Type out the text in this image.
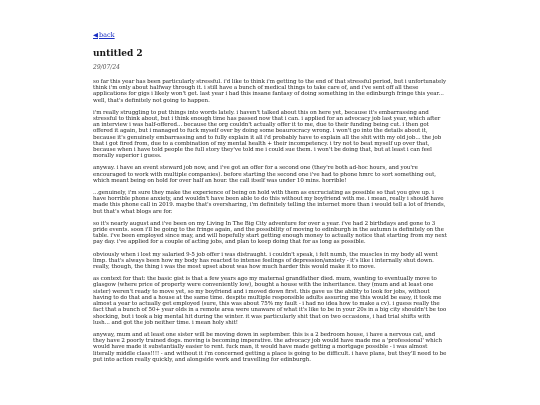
◀back
untitled 2
29/07/24

so far this year has been particularly stressful. i'd like to think i'm getting to the end of that stressful period, but i unfortunately think i'm only about halfway through it. i still have a bunch of medical things to take care of, and i've sent off all these applications for gigs i likely won't get. last year i had this insane fantasy of doing something in the edinburgh fringe this year... well, that's definitely not going to happen.

i'm really struggling to put things into words lately. i haven't talked about this on here yet, because it's embarrassing and stressful to think about, but i think enough time has passed now that i can. i applied for an advocacy job last year, which after an interview i was half-offered... because the org couldn't actually offer it to me, due to their funding being cut. i then got offered it again, but i managed to fuck myself over by doing some beaurocracy wrong. i won't go into the details about it, because it's genuinely embarrassing and to fully explain it all i'd probably have to explain all the shit with my old job... the job that i got fired from, due to a combination of my mental health + their incompetency. i try not to beat myself up over that, because when i have told people the full story they've told me i could sue them. i won't be doing that, but at least i can feel morally superior i guess.

anyway. i have an event steward job now, and i've got an offer for a second one (they're both ad-hoc hours, and you're encouraged to work with multiple companies). before starting the second one i've had to phone hmrc to sort something out, which meant being on hold for over half an hour. the call itself was under 10 mins. horrible!

...genuinely, i'm sure they make the experience of being on hold with them as excruciating as possible so that you give up. i have horrible phone anxiety, and wouldn't have been able to do this without my boyfriend with me. i mean, really i should have made this phone call in 2019. maybe that's oversharing, i'm definitely telling the internet more than i would tell a lot of friends, but that's what blogs are for.

so it's nearly august and i've been on my Living In The Big City adventure for over a year. i've had 2 birthdays and gone to 3 pride events. soon i'll be going to the fringe again, and the possibility of moving to edinburgh in the autumn is definitely on the table. i've been employed since may, and will hopefully start getting enough money to actually notice that starting from my next pay day. i've applied for a couple of acting jobs, and plan to keep doing that for as long as possible.

obviously when i lost my salaried 9-5 job offer i was distraught. i couldn't speak, i felt numb, the muscles in my body all went limp. that's always been how my body has reacted to intense feelings of depression/anxiety - it's like i internally shut down. really, though, the thing i was the most upset about was how much harder this would make it to move.

as context for that: the basic gist is that a few years ago my maternal grandfather died. mum, wanting to eventually move to glasgow (where price of property were conveniently low), bought a house with the inheritance. they (mum and at least one sister) weren't ready to move yet, so my boyfriend and i moved down first. this gave us the ability to look for jobs, without having to do that and a house at the same time. despite multiple responsible adults assuring me this would be easy, it took me almost a year to actually get employed (sure, this was about 75% my fault - i had no idea how to make a cv). i guess really the fact that a bunch of 50+ year olds in a remote area were unaware of what it's like to be in your 20s in a big city shouldn't be too shocking, but i took a big mental hit during the winter. it was particularly shit that on two occasions, i had trial shifts with lush... and got the job neither time. i mean holy shit!

anyway, mum and at least one sister will be moving down in september. this is a 2 bedroom house, i have a nervous cat, and they have 2 poorly trained dogs. moving is becoming imperative. the advocacy job would have made me a 'professional' which would have made it substantially easier to rent. fuck man, it would have made getting a mortgage possible - i was almost literally middle class!!!! - and without it i'm concerned getting a place is going to be difficult. i have plans, but they'll need to be put into action really quickly, and alongside work and travelling for edinburgh.
